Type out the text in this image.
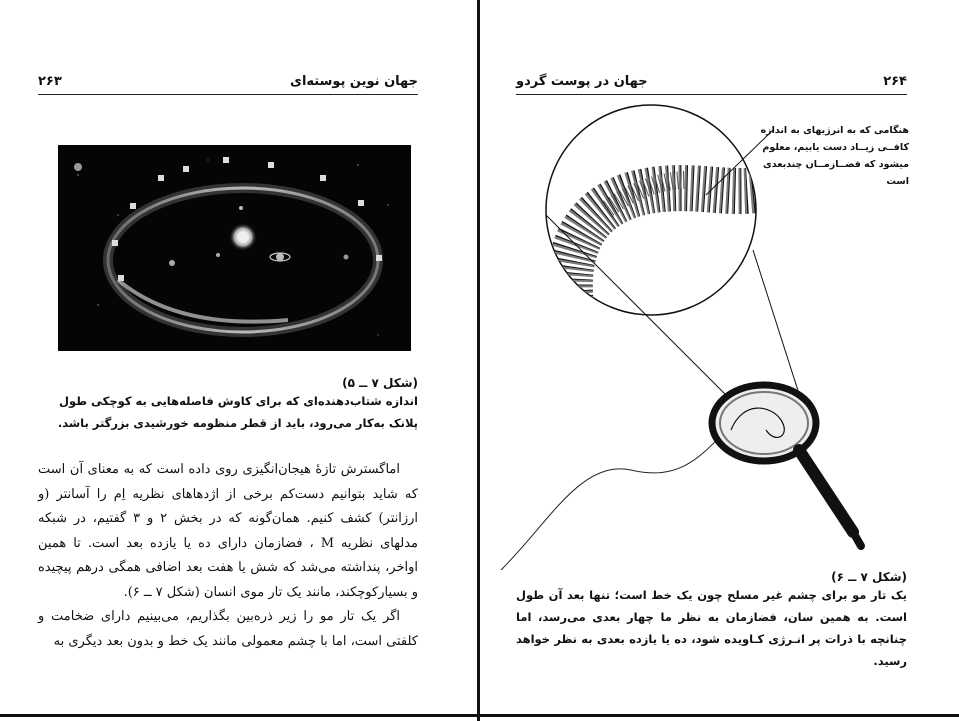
۲۶۳	جهان نوین پوسته‌ای
(شکل ۷ ــ ۵)
اندازه شتاب‌دهنده‌ای که برای کاوش فاصله‌هایی به کوچکی طول پلانک به‌کار می‌رود، باید از قطر منظومه خورشیدی بزرگتر باشد.

اماگسترش تازهٔ هیجان‌انگیزی روی داده است که به معنای آن است که شاید بتوانیم دست‌کم برخی از اژدهاهای نظریه اِم را آسانتر (و ارزانتر) کشف کنیم. همان‌گونه که در بخش ۲ و ۳ گفتیم، در شبکه مدلهای نظریه M ، فضازمان دارای ده یا یازده بعد است. تا همین اواخر، پنداشته می‌شد که شش یا هفت بعد اضافی همگی درهم پیچیده و بسیارکوچکند، مانند یک تار موی انسان (شکل ۷ ــ ۶).

اگر یک تار مو را زیر ذره‌بین بگذاریم، می‌بینیم دارای ضخامت و کلفتی است، اما با چشم معمولی مانند یک خط و بدون بعد دیگری به

۲۶۴
جهان در پوست گردو
هنگامی که به انرژیهای به اندازه کافــی زیــاد دست یابیم، معلوم میشود که فضــازمــان چندبعدی است
(شکل ۷ ــ ۶)
یک تار مو برای چشم غیر مسلح چون یک خط است؛ تنها بعد آن طول است. به همین سان، فضازمان به نظر ما چهار بعدی می‌رسد، اما چنانچه با ذرات پر انـرژی کـاویده شود، ده یا یازده بعدی به نظر خواهد رسید.
